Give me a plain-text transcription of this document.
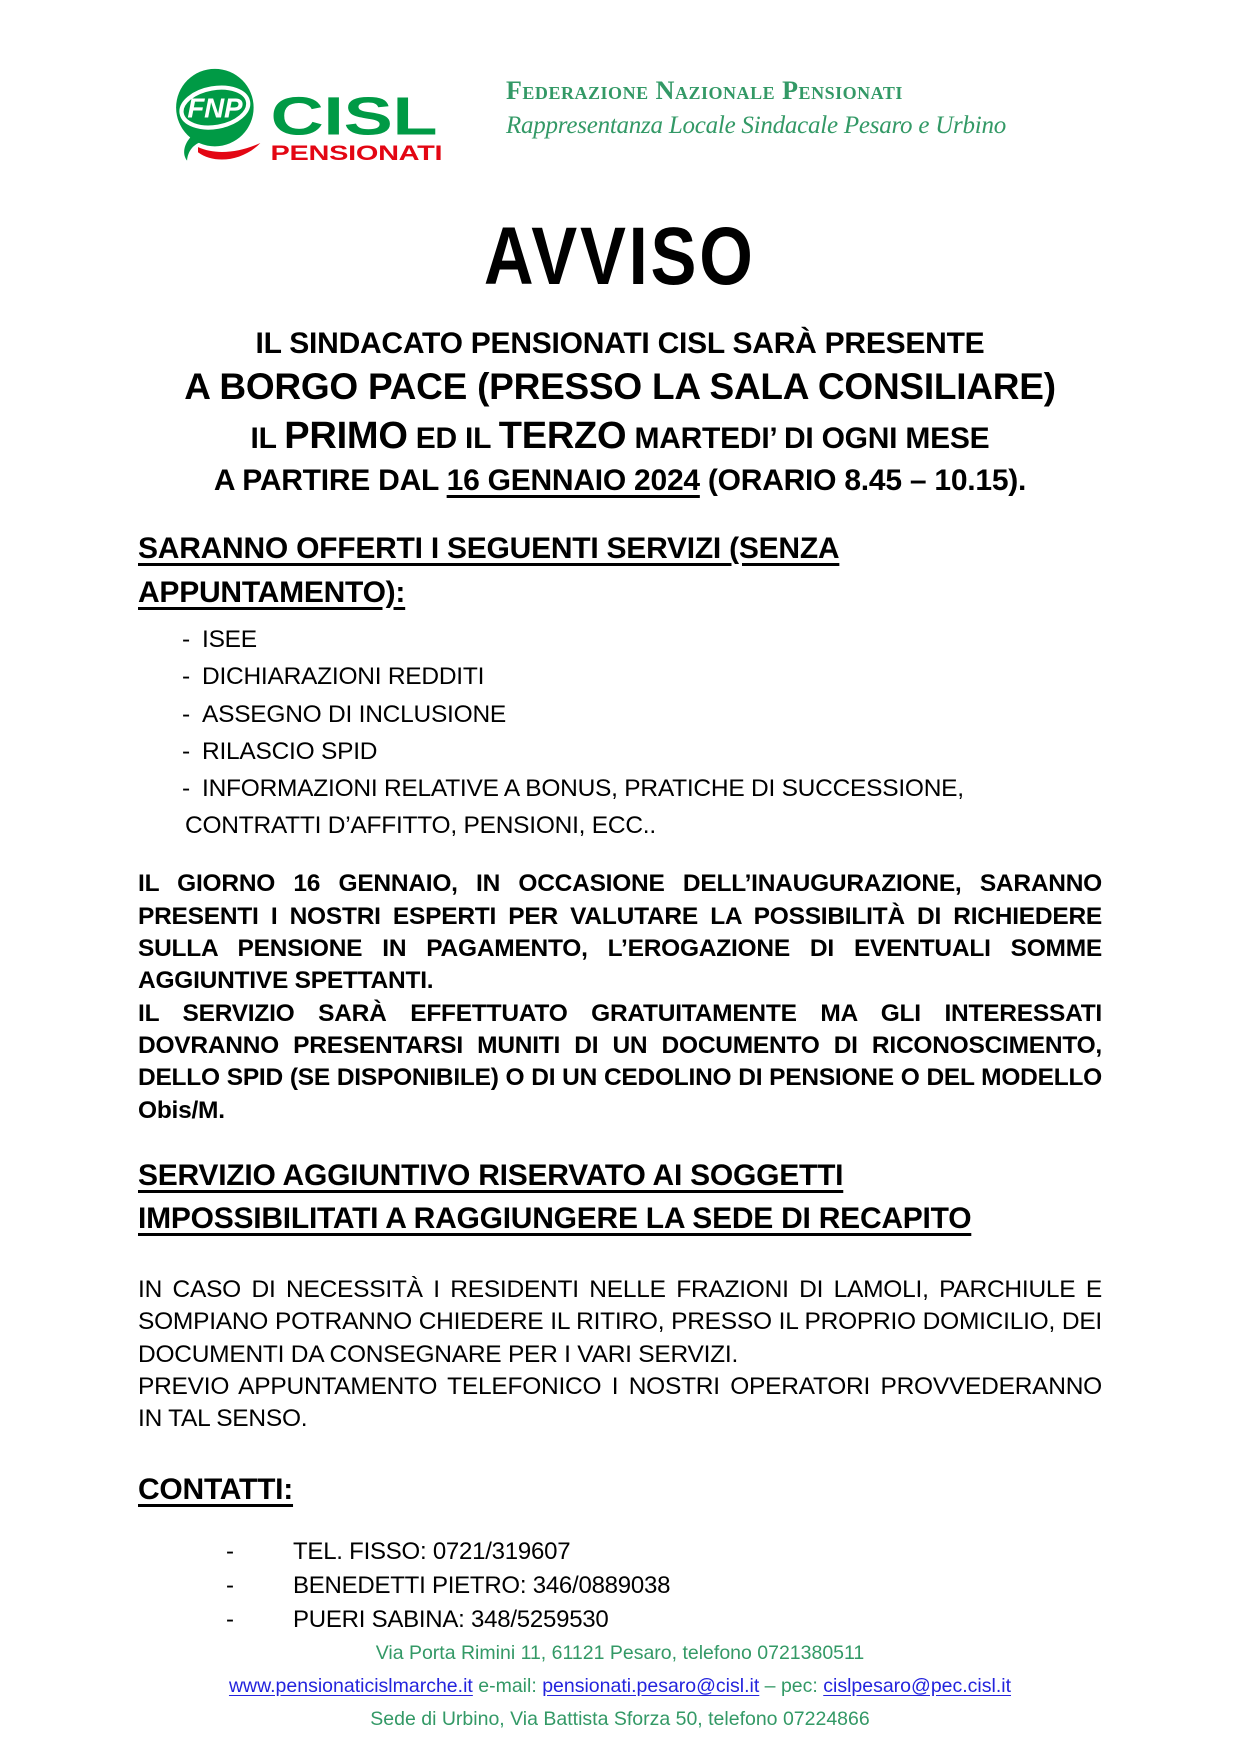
FNP CISL
PENSIONATI
Federazione Nazionale Pensionati
Rappresentanza Locale Sindacale Pesaro e Urbino
AVVISO
IL SINDACATO PENSIONATI CISL SARÀ PRESENTE
A BORGO PACE (PRESSO LA SALA CONSILIARE)
IL PRIMO ED IL TERZO MARTEDI’ DI OGNI MESE
A PARTIRE DAL 16 GENNAIO 2024 (ORARIO 8.45 – 10.15).
SARANNO OFFERTI I SEGUENTI SERVIZI (SENZA
APPUNTAMENTO):
- ISEE
- DICHIARAZIONI REDDITI
- ASSEGNO DI INCLUSIONE
- RILASCIO SPID
- INFORMAZIONI RELATIVE A BONUS, PRATICHE DI SUCCESSIONE,
CONTRATTI D’AFFITTO, PENSIONI, ECC..

IL GIORNO 16 GENNAIO, IN OCCASIONE DELL’INAUGURAZIONE, SARANNO PRESENTI I NOSTRI ESPERTI PER VALUTARE LA POSSIBILITÀ DI RICHIEDERE SULLA PENSIONE IN PAGAMENTO, L’EROGAZIONE DI EVENTUALI SOMME AGGIUNTIVE SPETTANTI.

IL SERVIZIO SARÀ EFFETTUATO GRATUITAMENTE MA GLI INTERESSATI DOVRANNO PRESENTARSI MUNITI DI UN DOCUMENTO DI RICONOSCIMENTO, DELLO SPID (SE DISPONIBILE) O DI UN CEDOLINO DI PENSIONE O DEL MODELLO Obis/M.

SERVIZIO AGGIUNTIVO RISERVATO AI SOGGETTI
IMPOSSIBILITATI A RAGGIUNGERE LA SEDE DI RECAPITO

IN CASO DI NECESSITÀ I RESIDENTI NELLE FRAZIONI DI LAMOLI, PARCHIULE E SOMPIANO POTRANNO CHIEDERE IL RITIRO, PRESSO IL PROPRIO DOMICILIO, DEI DOCUMENTI DA CONSEGNARE PER I VARI SERVIZI.

PREVIO APPUNTAMENTO TELEFONICO I NOSTRI OPERATORI PROVVEDERANNO IN TAL SENSO.

CONTATTI:
- TEL. FISSO: 0721/319607
- BENEDETTI PIETRO: 346/0889038
- PUERI SABINA: 348/5259530
Via Porta Rimini 11, 61121 Pesaro, telefono 0721380511
www.pensionaticislmarche.it e-mail: pensionati.pesaro@cisl.it – pec: cislpesaro@pec.cisl.it
Sede di Urbino, Via Battista Sforza 50, telefono 07224866
